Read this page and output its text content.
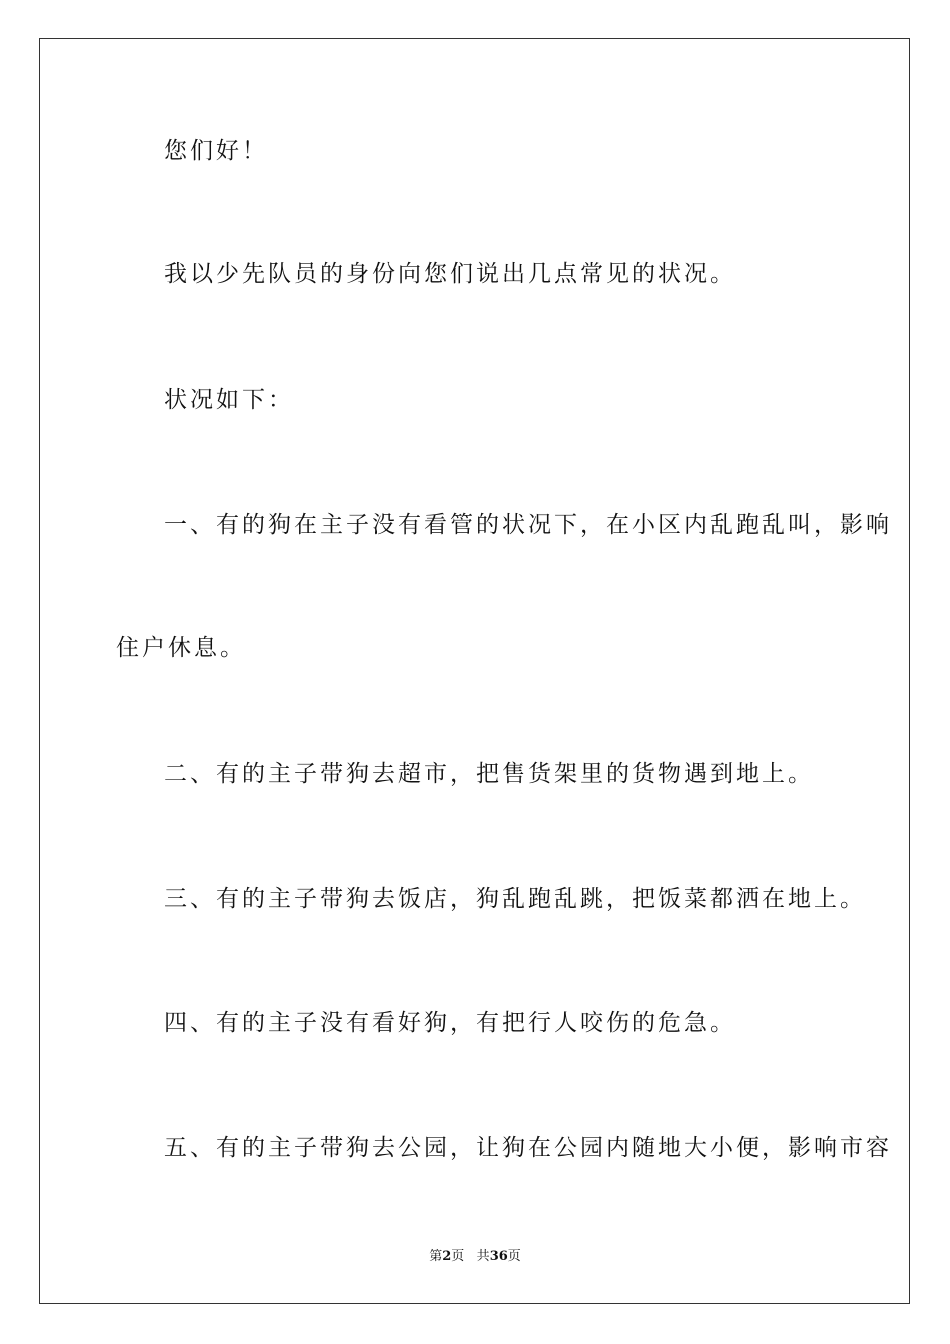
您们好！

我以少先队员的身份向您们说出几点常见的状况。

状况如下：

一、有的狗在主子没有看管的状况下，在小区内乱跑乱叫，影响

住户休息。

二、有的主子带狗去超市，把售货架里的货物遇到地上。

三、有的主子带狗去饭店，狗乱跑乱跳，把饭菜都洒在地上。

四、有的主子没有看好狗，有把行人咬伤的危急。

五、有的主子带狗去公园，让狗在公园内随地大小便，影响市容

第2页 共36页
